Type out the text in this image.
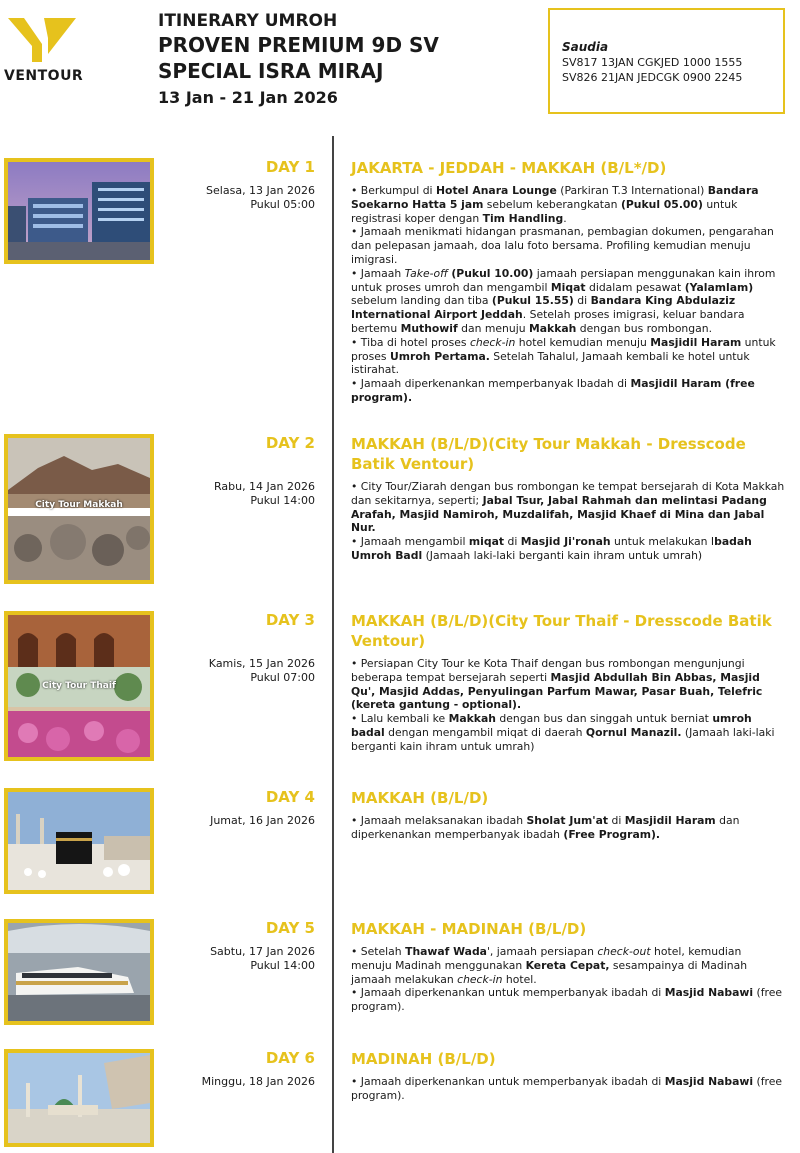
VENTOUR
ITINERARY UMROH
PROVEN PREMIUM 9D SV
SPECIAL ISRA MIRAJ
13 Jan - 21 Jan 2026
Saudia
SV817 13JAN CGKJED 1000 1555
SV826 21JAN JEDCGK 0900 2245
DAY 1
Selasa, 13 Jan 2026
Pukul 05:00
JAKARTA - JEDDAH - MAKKAH (B/L*/D)

• Berkumpul di Hotel Anara Lounge (Parkiran T.3 International) Bandara Soekarno Hatta 5 jam sebelum keberangkatan (Pukul 05.00) untuk registrasi koper dengan Tim Handling.

• Jamaah menikmati hidangan prasmanan, pembagian dokumen, pengarahan dan pelepasan jamaah, doa lalu foto bersama. Profiling kemudian menuju imigrasi.

• Jamaah Take-off (Pukul 10.00) jamaah persiapan menggunakan kain ihrom untuk proses umroh dan mengambil Miqat didalam pesawat (Yalamlam) sebelum landing dan tiba (Pukul 15.55) di Bandara King Abdulaziz International Airport Jeddah. Setelah proses imigrasi, keluar bandara bertemu Muthowif dan menuju Makkah dengan bus rombongan.

• Tiba di hotel proses check-in hotel kemudian menuju Masjidil Haram untuk proses Umroh Pertama. Setelah Tahalul, Jamaah kembali ke hotel untuk istirahat.

• Jamaah diperkenankan memperbanyak Ibadah di Masjidil Haram (free program).

City Tour Makkah
DAY 2
Rabu, 14 Jan 2026
Pukul 14:00
MAKKAH (B/L/D)(City Tour Makkah - Dresscode Batik Ventour)

• City Tour/Ziarah dengan bus rombongan ke tempat bersejarah di Kota Makkah dan sekitarnya, seperti; Jabal Tsur, Jabal Rahmah dan melintasi Padang Arafah, Masjid Namiroh, Muzdalifah, Masjid Khaef di Mina dan Jabal Nur.

• Jamaah mengambil miqat di Masjid Ji'ronah untuk melakukan Ibadah Umroh Badl (Jamaah laki-laki berganti kain ihram untuk umrah)

City Tour Thaif
DAY 3
Kamis, 15 Jan 2026
Pukul 07:00
MAKKAH (B/L/D)(City Tour Thaif - Dresscode Batik Ventour)

• Persiapan City Tour ke Kota Thaif dengan bus rombongan mengunjungi beberapa tempat bersejarah seperti Masjid Abdullah Bin Abbas, Masjid Qu', Masjid Addas, Penyulingan Parfum Mawar, Pasar Buah, Telefric (kereta gantung - optional).

• Lalu kembali ke Makkah dengan bus dan singgah untuk berniat umroh badal dengan mengambil miqat di daerah Qornul Manazil. (Jamaah laki-laki berganti kain ihram untuk umrah)

DAY 4
Jumat, 16 Jan 2026
MAKKAH (B/L/D)

• Jamaah melaksanakan ibadah Sholat Jum'at di Masjidil Haram dan diperkenankan memperbanyak ibadah (Free Program).

DAY 5
Sabtu, 17 Jan 2026
Pukul 14:00
MAKKAH - MADINAH (B/L/D)

• Setelah Thawaf Wada', jamaah persiapan check-out hotel, kemudian menuju Madinah menggunakan Kereta Cepat, sesampainya di Madinah jamaah melakukan check-in hotel.

• Jamaah diperkenankan untuk memperbanyak ibadah di Masjid Nabawi (free program).

DAY 6
Minggu, 18 Jan 2026
MADINAH (B/L/D)

• Jamaah diperkenankan untuk memperbanyak ibadah di Masjid Nabawi (free program).
